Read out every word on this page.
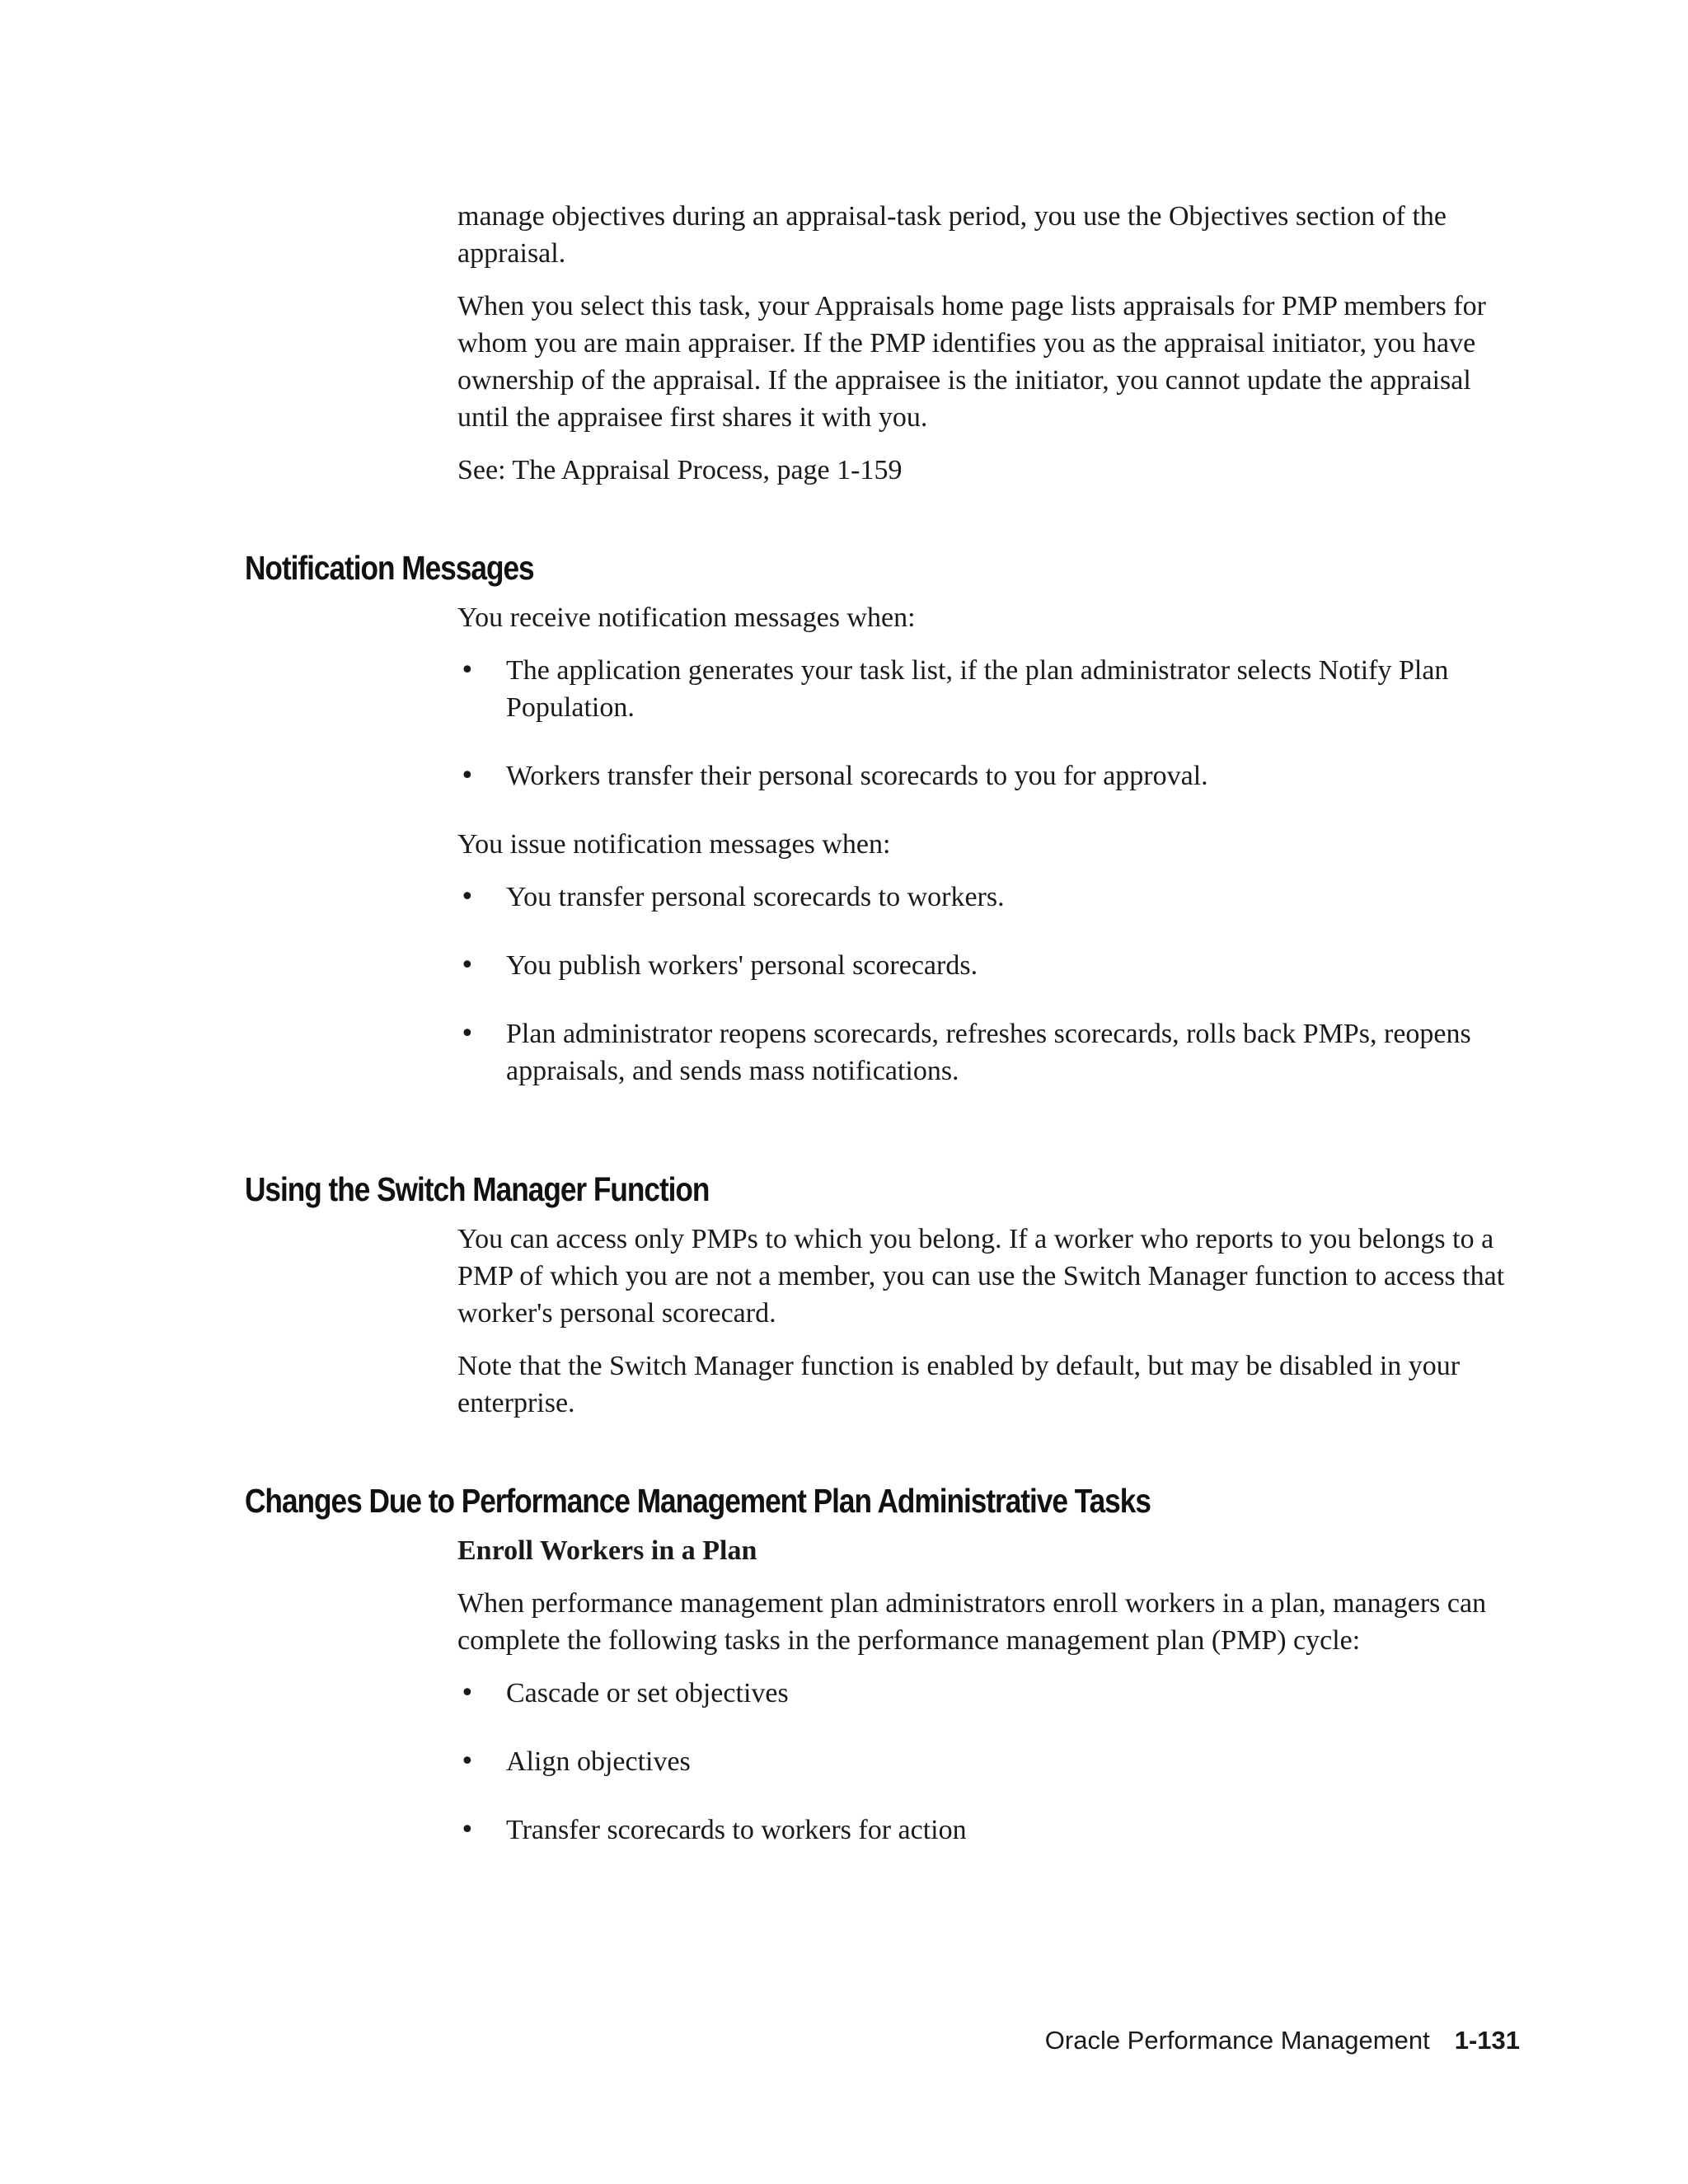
manage objectives during an appraisal-task period, you use the Objectives section of the appraisal.

When you select this task, your Appraisals home page lists appraisals for PMP members for whom you are main appraiser. If the PMP identifies you as the appraisal initiator, you have ownership of the appraisal. If the appraisee is the initiator, you cannot update the appraisal until the appraisee first shares it with you.

See: The Appraisal Process, page 1-159

Notification Messages

You receive notification messages when:

• The application generates your task list, if the plan administrator selects Notify Plan Population.
• Workers transfer their personal scorecards to you for approval.

You issue notification messages when:

• You transfer personal scorecards to workers.
• You publish workers' personal scorecards.
• Plan administrator reopens scorecards, refreshes scorecards, rolls back PMPs, reopens appraisals, and sends mass notifications.
Using the Switch Manager Function

You can access only PMPs to which you belong. If a worker who reports to you belongs to a PMP of which you are not a member, you can use the Switch Manager function to access that worker's personal scorecard.

Note that the Switch Manager function is enabled by default, but may be disabled in your enterprise.

Changes Due to Performance Management Plan Administrative Tasks

Enroll Workers in a Plan

When performance management plan administrators enroll workers in a plan, managers can complete the following tasks in the performance management plan (PMP) cycle:

• Cascade or set objectives
• Align objectives
• Transfer scorecards to workers for action
Oracle Performance Management 1-131
